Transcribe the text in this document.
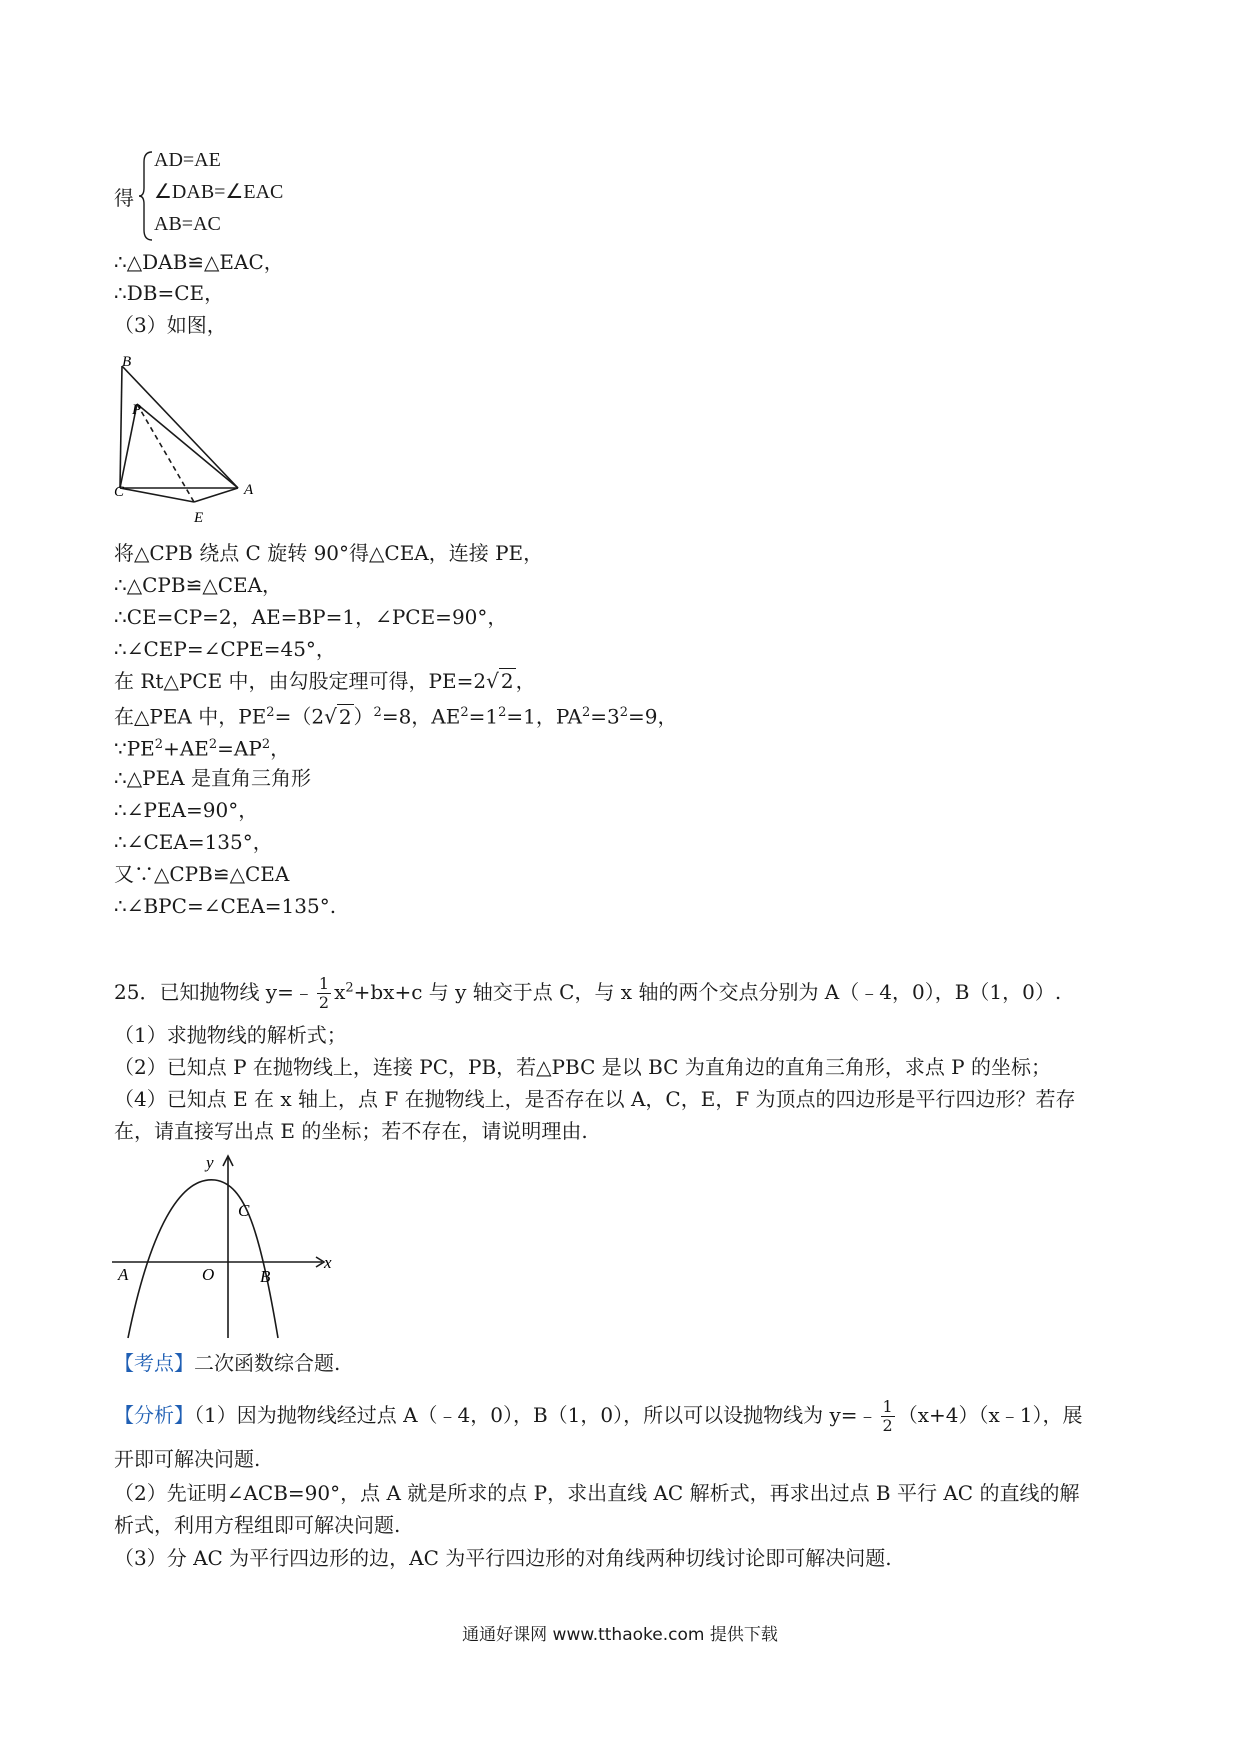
得
AD=AE
∠DAB=∠EAC
AB=AC
∴△DAB≌△EAC，
∴DB=CE，
（3）如图，
B
P
C	A
E
将△CPB 绕点 C 旋转 90°得△CEA，连接 PE，
∴△CPB≌△CEA，
∴CE=CP=2，AE=BP=1，∠PCE=90°，
∴∠CEP=∠CPE=45°，
在 Rt△PCE 中，由勾股定理可得，PE=2√ 2 ，
在△PEA 中，$PE^2=(2√$ 2 ）$^2$=8，$AE^2=1^2=1$，$PA^2=3^2=9$，
$\because PE^2+AE^2=AP^2$，
∴△PEA 是直角三角形
∴∠PEA=90°，
∴∠CEA=135°，
又∵△CPB≌△CEA
∴∠BPC=∠CEA=135°.
25．已知抛物线 y=﹣ $\frac{1}{2} x^2+bx+c$ 与 y 轴交于点 C，与 x 轴的两个交点分别为 A（﹣4，0），B（1，0）.
（1）求抛物线的解析式；
（2）已知点 P 在抛物线上，连接 PC，PB，若△PBC 是以 BC 为直角边的直角三角形，求点 P 的坐标；
（4）已知点 E 在 x 轴上，点 F 在抛物线上，是否存在以 A，C，E，F 为顶点的四边形是平行四边形？若存
在，请直接写出点 E 的坐标；若不存在，请说明理由.
y
x
C
A	O	B
【考点】二次函数综合题.
【分析】（1）因为抛物线经过点 A（﹣4，0），B（1，0），所以可以设抛物线为 y=﹣ $\frac{1}{2}$ （x+4）（x﹣1），展
开即可解决问题.
（2）先证明∠ACB=90°，点 A 就是所求的点 P，求出直线 AC 解析式，再求出过点 B 平行 AC 的直线的解
析式，利用方程组即可解决问题.
（3）分 AC 为平行四边形的边，AC 为平行四边形的对角线两种切线讨论即可解决问题.
通通好课网 www.tthaoke.com 提供下载
